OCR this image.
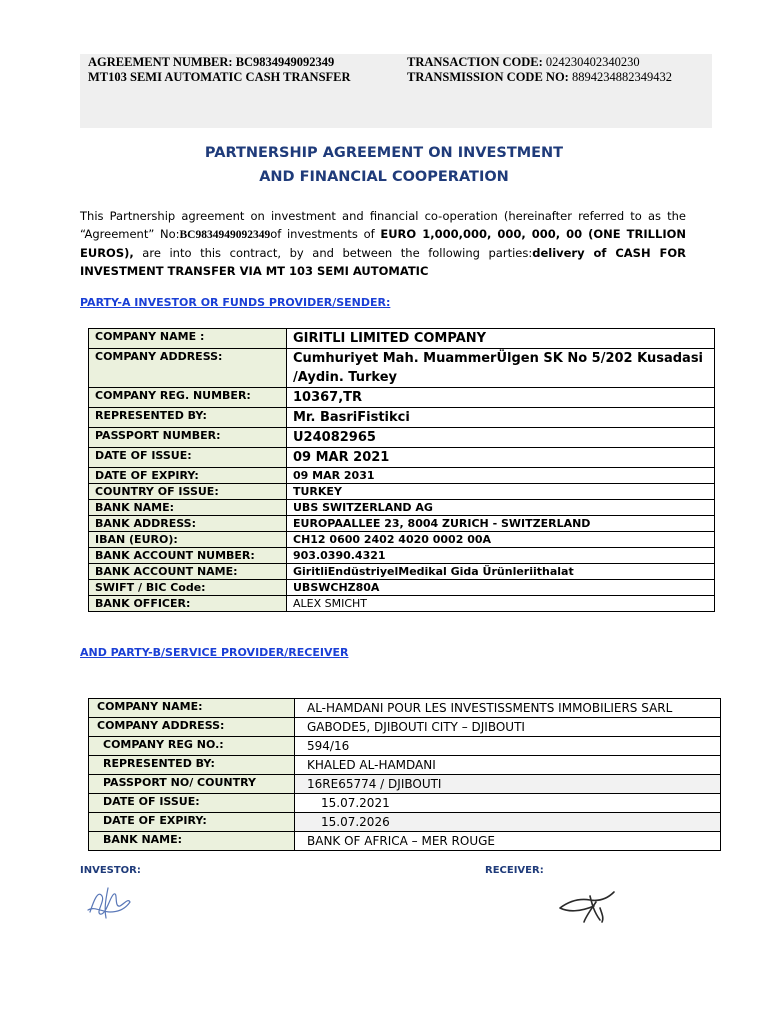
AGREEMENT NUMBER: BC9834949092349
MT103 SEMI AUTOMATIC CASH TRANSFER
TRANSACTION CODE: 024230402340230
TRANSMISSION CODE NO: 8894234882349432
PARTNERSHIP AGREEMENT ON INVESTMENT
AND FINANCIAL COOPERATION
This Partnership agreement on investment and financial co-operation (hereinafter referred to as the “Agreement” No:BC9834949092349of investments of EURO 1,000,000, 000, 000, 00 (ONE TRILLION EUROS), are into this contract, by and between the following parties:delivery of CASH FOR INVESTMENT TRANSFER VIA MT 103 SEMI AUTOMATIC
PARTY-A INVESTOR OR FUNDS PROVIDER/SENDER:
COMPANY NAME :	GIRITLI LIMITED COMPANY
COMPANY ADDRESS:	Cumhuriyet Mah. MuammerÜlgen SK No 5/202 Kusadasi /Aydin. Turkey
COMPANY REG. NUMBER:	10367,TR
REPRESENTED BY:	Mr. BasriFistikci
PASSPORT NUMBER:	U24082965
DATE OF ISSUE:	09 MAR 2021
DATE OF EXPIRY:	09 MAR 2031
COUNTRY OF ISSUE:	TURKEY
BANK NAME:	UBS SWITZERLAND AG
BANK ADDRESS:	EUROPAALLEE 23, 8004 ZURICH - SWITZERLAND
IBAN (EURO):	CH12 0600 2402 4020 0002 00A
BANK ACCOUNT NUMBER:	903.0390.4321
BANK ACCOUNT NAME:	GiritliEndüstriyelMedikal Gida Ürünleriithalat
SWIFT / BIC Code:	UBSWCHZ80A
BANK OFFICER:	ALEX SMICHT
AND PARTY-B/SERVICE PROVIDER/RECEIVER
COMPANY NAME:	AL-HAMDANI POUR LES INVESTISSMENTS IMMOBILIERS SARL
COMPANY ADDRESS:	GABODE5, DJIBOUTI CITY – DJIBOUTI
COMPANY REG NO.:	594/16
REPRESENTED BY:	KHALED AL-HAMDANI
PASSPORT NO/ COUNTRY	16RE65774 / DJIBOUTI
DATE OF ISSUE:	15.07.2021
DATE OF EXPIRY:	15.07.2026
BANK NAME:	BANK OF AFRICA – MER ROUGE
INVESTOR:	RECEIVER:
